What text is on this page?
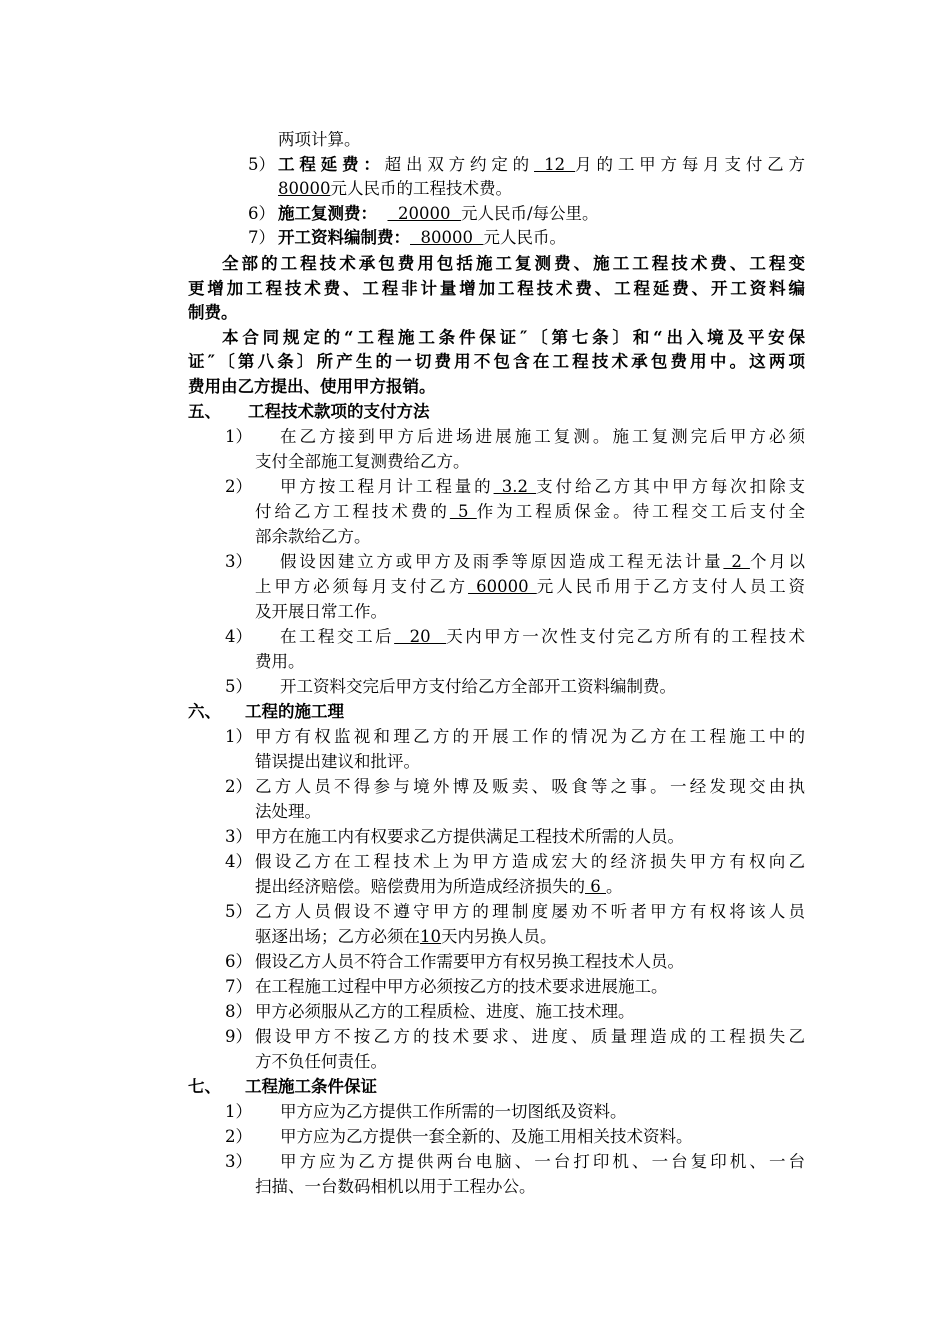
两项计算。
5） 工程延费：超出双方约定的 12 月的工甲方每月支付乙方
80000元人民币的工程技术费。
6） 施工复测费：    20000  元人民币/每公里。
7） 开工资料编制费：  80000  元人民币。
全部的工程技术承包费用包括施工复测费、施工工程技术费、工程变
更增加工程技术费、工程非计量增加工程技术费、工程延费、开工资料编
制费。
本合同规定的“工程施工条件保证″〔第七条〕和“出入境及平安保
证″〔第八条〕所产生的一切费用不包含在工程技术承包费用中。这两项
费用由乙方提出、使用甲方报销。
五、 工程技术款项的支付方法
1） 在乙方接到甲方后进场进展施工复测。施工复测完后甲方必须
支付全部施工复测费给乙方。
2） 甲方按工程月计工程量的 3.2 支付给乙方其中甲方每次扣除支
付给乙方工程技术费的 5 作为工程质保金。待工程交工后支付全
部余款给乙方。
3） 假设因建立方或甲方及雨季等原因造成工程无法计量 2 个月以
上甲方必须每月支付乙方 60000 元人民币用于乙方支付人员工资
及开展日常工作。
4） 在工程交工后  20  天内甲方一次性支付完乙方所有的工程技术
费用。
5） 开工资料交完后甲方支付给乙方全部开工资料编制费。
六、 工程的施工理
1） 甲方有权监视和理乙方的开展工作的情况为乙方在工程施工中的
错误提出建议和批评。
2） 乙方人员不得参与境外博及贩卖、吸食等之事。一经发现交由执
法处理。
3） 甲方在施工内有权要求乙方提供满足工程技术所需的人员。
4） 假设乙方在工程技术上为甲方造成宏大的经济损失甲方有权向乙
提出经济赔偿。赔偿费用为所造成经济损失的 6 。
5） 乙方人员假设不遵守甲方的理制度屡劝不听者甲方有权将该人员
驱逐出场；乙方必须在10天内另换人员。
6） 假设乙方人员不符合工作需要甲方有权另换工程技术人员。
7） 在工程施工过程中甲方必须按乙方的技术要求进展施工。
8） 甲方必须服从乙方的工程质检、进度、施工技术理。
9） 假设甲方不按乙方的技术要求、进度、质量理造成的工程损失乙
方不负任何责任。
七、 工程施工条件保证
1） 甲方应为乙方提供工作所需的一切图纸及资料。
2） 甲方应为乙方提供一套全新的、及施工用相关技术资料。
3） 甲方应为乙方提供两台电脑、一台打印机、一台复印机、一台
扫描、一台数码相机以用于工程办公。
